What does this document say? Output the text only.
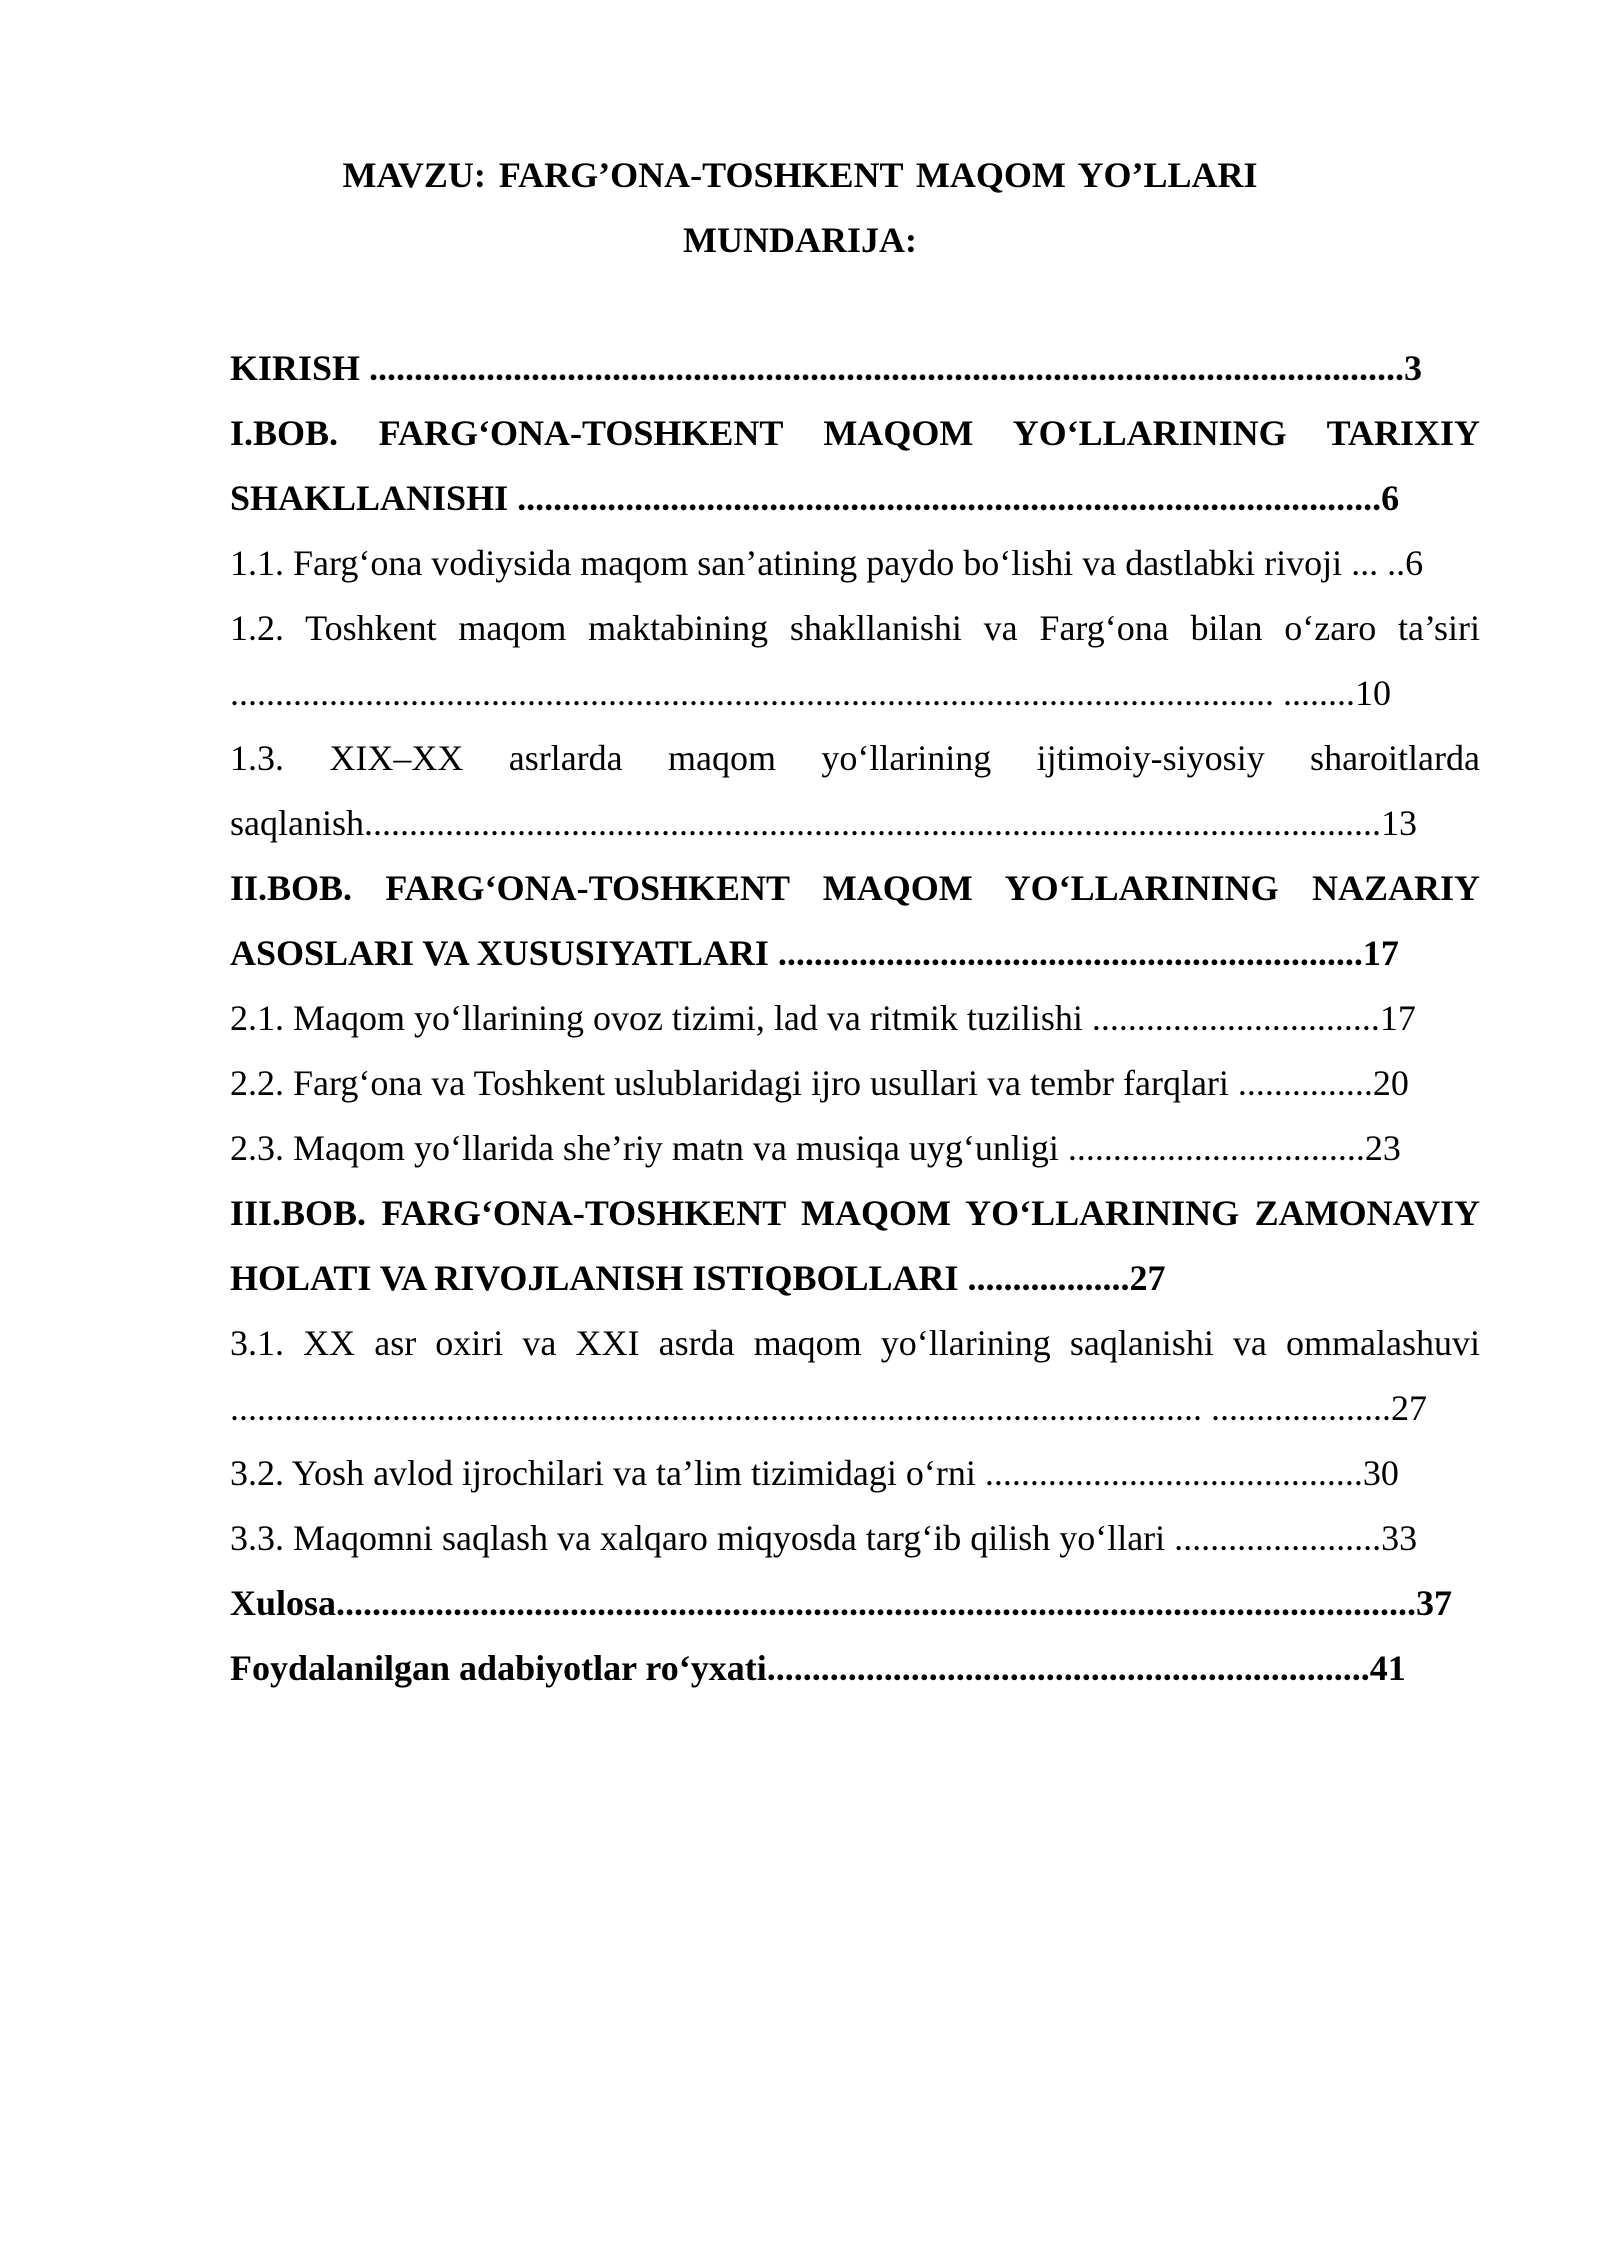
MAVZU: FARG’ONA-TOSHKENT MAQOM YO’LLARI

MUNDARIJA:

KIRISH ...................................................................................................................3

I.BOB. FARG‘ONA-TOSHKENT MAQOM YO‘LLARINING TARIXIY SHAKLLANISHI ................................................................................................6

1.1. Farg‘ona vodiysida maqom san’atining paydo bo‘lishi va dastlabki rivoji ... ..6

1.2. Toshkent maqom maktabining shakllanishi va Farg‘ona bilan o‘zaro ta’siri .................................................................................................................... ........10

1.3. XIX–XX asrlarda maqom yo‘llarining ijtimoiy-siyosiy sharoitlarda saqlanish.................................................................................................................13

II.BOB. FARG‘ONA-TOSHKENT MAQOM YO‘LLARINING NAZARIY ASOSLARI VA XUSUSIYATLARI .................................................................17

2.1. Maqom yo‘llarining ovoz tizimi, lad va ritmik tuzilishi ................................17

2.2. Farg‘ona va Toshkent uslublaridagi ijro usullari va tembr farqlari ...............20

2.3. Maqom yo‘llarida she’riy matn va musiqa uyg‘unligi .................................23

III.BOB. FARG‘ONA-TOSHKENT MAQOM YO‘LLARINING ZAMONAVIY HOLATI VA RIVOJLANISH ISTIQBOLLARI ..................27

3.1. XX asr oxiri va XXI asrda maqom yo‘llarining saqlanishi va ommalashuvi ............................................................................................................ ....................27

3.2. Yosh avlod ijrochilari va ta’lim tizimidagi o‘rni ..........................................30

3.3. Maqomni saqlash va xalqaro miqyosda targ‘ib qilish yo‘llari .......................33

Xulosa........................................................................................................................37

Foydalanilgan adabiyotlar ro‘yxati...................................................................41
